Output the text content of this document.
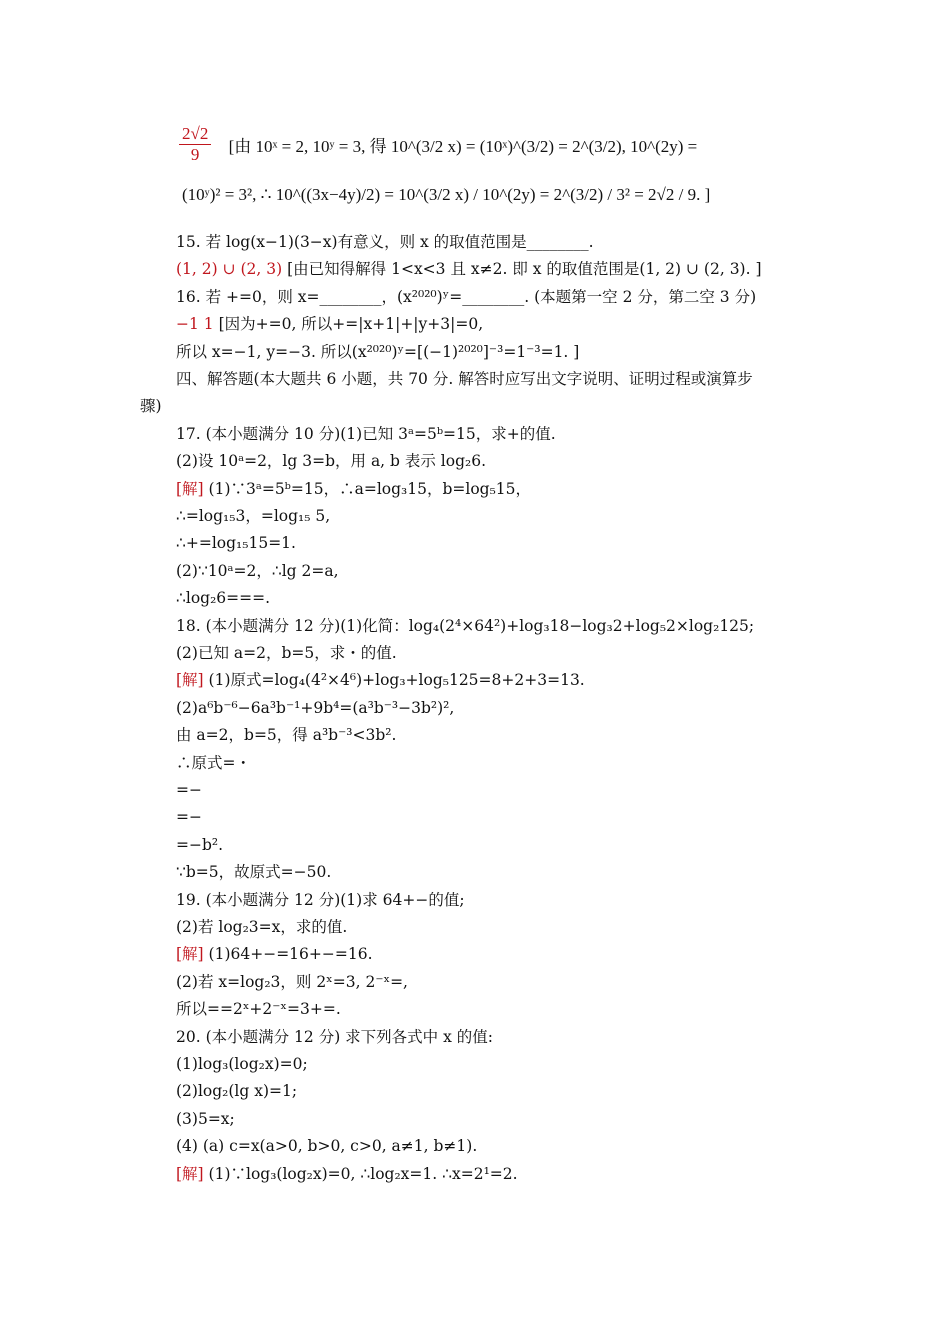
$\frac{2√2}{9}$ [由 10ˣ = 2, 10ʸ = 3, 得 10^(3/2 x) = (10ˣ)^(3/2) = 2^(3/2), 10^(2y) =
(10ʸ)² = 3², ∴ 10^((3x−4y)/2) = 10^(3/2 x) / 10^(2y) = 2^(3/2) / 3² = 2√2 / 9. ]
15. 若 log(x−1)(3−x)有意义，则 x 的取值范围是________.
(1, 2) ∪ (2, 3) [由已知得解得 1<x<3 且 x≠2. 即 x 的取值范围是(1, 2) ∪ (2, 3). ]
16. 若 +=0，则 x=________，(x²⁰²⁰)ʸ=________. (本题第一空 2 分，第二空 3 分)
−1 1 [因为+=0, 所以+=|x+1|+|y+3|=0,
所以 x=−1, y=−3. 所以(x²⁰²⁰)ʸ=[(−1)²⁰²⁰]⁻³=1⁻³=1. ]
四、解答题(本大题共 6 小题，共 70 分. 解答时应写出文字说明、证明过程或演算步
骤)
17. (本小题满分 10 分)(1)已知 3ᵃ=5ᵇ=15，求+的值.
(2)设 10ᵃ=2，lg 3=b，用 a, b 表示 log₂6.
[解] (1)∵3ᵃ=5ᵇ=15，∴a=log₃15，b=log₅15，
∴=log₁₅3，=log₁₅ 5,
∴+=log₁₅15=1.
(2)∵10ᵃ=2，∴lg 2=a,
∴log₂6===.
18. (本小题满分 12 分)(1)化简：log₄(2⁴×64²)+log₃18−log₃2+log₅2×log₂125;
(2)已知 a=2，b=5，求・的值.
[解] (1)原式=log₄(4²×4⁶)+log₃+log₅125=8+2+3=13.
(2)a⁶b⁻⁶−6a³b⁻¹+9b⁴=(a³b⁻³−3b²)²,
由 a=2，b=5，得 a³b⁻³<3b².
∴原式=・
=−
=−
=−b².
∵b=5，故原式=−50.
19. (本小题满分 12 分)(1)求 64+−的值;
(2)若 log₂3=x，求的值.
[解] (1)64+−=16+−=16.
(2)若 x=log₂3，则 2ˣ=3, 2⁻ˣ=,
所以==2ˣ+2⁻ˣ=3+=.
20. (本小题满分 12 分) 求下列各式中 x 的值:
(1)log₃(log₂x)=0;
(2)log₂(lg x)=1;
(3)5=x;
(4) (a) c=x(a>0, b>0, c>0, a≠1, b≠1).
[解] (1)∵log₃(log₂x)=0, ∴log₂x=1. ∴x=2¹=2.
